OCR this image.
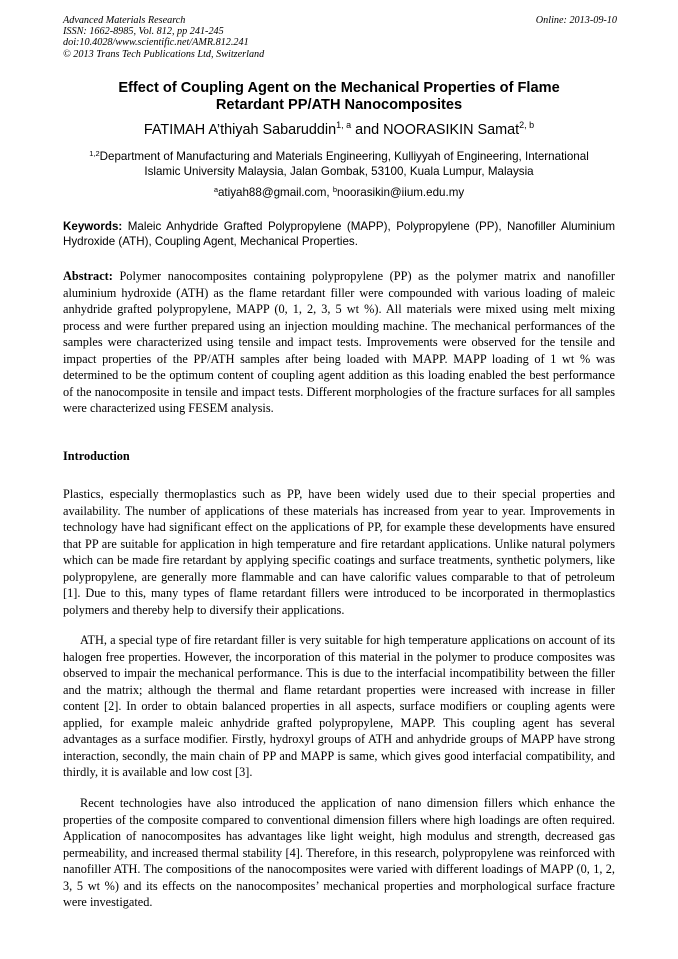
Advanced Materials Research
ISSN: 1662-8985, Vol. 812, pp 241-245
doi:10.4028/www.scientific.net/AMR.812.241
© 2013 Trans Tech Publications Ltd, Switzerland
Online: 2013-09-10
Effect of Coupling Agent on the Mechanical Properties of Flame
Retardant PP/ATH Nanocomposites
FATIMAH A’thiyah Sabaruddin$^{1, a}$ and NOORASIKIN Samat$^{2, b}$
$^{1,2}$Department of Manufacturing and Materials Engineering, Kulliyyah of Engineering, International
Islamic University Malaysia, Jalan Gombak, 53100, Kuala Lumpur, Malaysia
$^a$atiyah88@gmail.com, $^b$noorasikin@iium.edu.my
Keywords: Maleic Anhydride Grafted Polypropylene (MAPP), Polypropylene (PP), Nanofiller Aluminium Hydroxide (ATH), Coupling Agent, Mechanical Properties.
Abstract: Polymer nanocomposites containing polypropylene (PP) as the polymer matrix and nanofiller aluminium hydroxide (ATH) as the flame retardant filler were compounded with various loading of maleic anhydride grafted polypropylene, MAPP (0, 1, 2, 3, 5 wt %). All materials were mixed using melt mixing process and were further prepared using an injection moulding machine. The mechanical performances of the samples were characterized using tensile and impact tests. Improvements were observed for the tensile and impact properties of the PP/ATH samples after being loaded with MAPP. MAPP loading of 1 wt % was determined to be the optimum content of coupling agent addition as this loading enabled the best performance of the nanocomposite in tensile and impact tests. Different morphologies of the fracture surfaces for all samples were characterized using FESEM analysis.
Introduction
Plastics, especially thermoplastics such as PP, have been widely used due to their special properties and availability. The number of applications of these materials has increased from year to year. Improvements in technology have had significant effect on the applications of PP, for example these developments have ensured that PP are suitable for application in high temperature and fire retardant applications. Unlike natural polymers which can be made fire retardant by applying specific coatings and surface treatments, synthetic polymers, like polypropylene, are generally more flammable and can have calorific values comparable to that of petroleum [1]. Due to this, many types of flame retardant fillers were introduced to be incorporated in thermoplastics polymers and thereby help to diversify their applications.
ATH, a special type of fire retardant filler is very suitable for high temperature applications on account of its halogen free properties. However, the incorporation of this material in the polymer to produce composites was observed to impair the mechanical performance. This is due to the interfacial incompatibility between the filler and the matrix; although the thermal and flame retardant properties were increased with increase in filler content [2]. In order to obtain balanced properties in all aspects, surface modifiers or coupling agents were applied, for example maleic anhydride grafted polypropylene, MAPP. This coupling agent has several advantages as a surface modifier. Firstly, hydroxyl groups of ATH and anhydride groups of MAPP have strong interaction, secondly, the main chain of PP and MAPP is same, which gives good interfacial compatibility, and thirdly, it is available and low cost [3].
Recent technologies have also introduced the application of nano dimension fillers which enhance the properties of the composite compared to conventional dimension fillers where high loadings are often required. Application of nanocomposites has advantages like light weight, high modulus and strength, decreased gas permeability, and increased thermal stability [4]. Therefore, in this research, polypropylene was reinforced with nanofiller ATH. The compositions of the nanocomposites were varied with different loadings of MAPP (0, 1, 2, 3, 5 wt %) and its effects on the nanocomposites’ mechanical properties and morphological surface fracture were investigated.
